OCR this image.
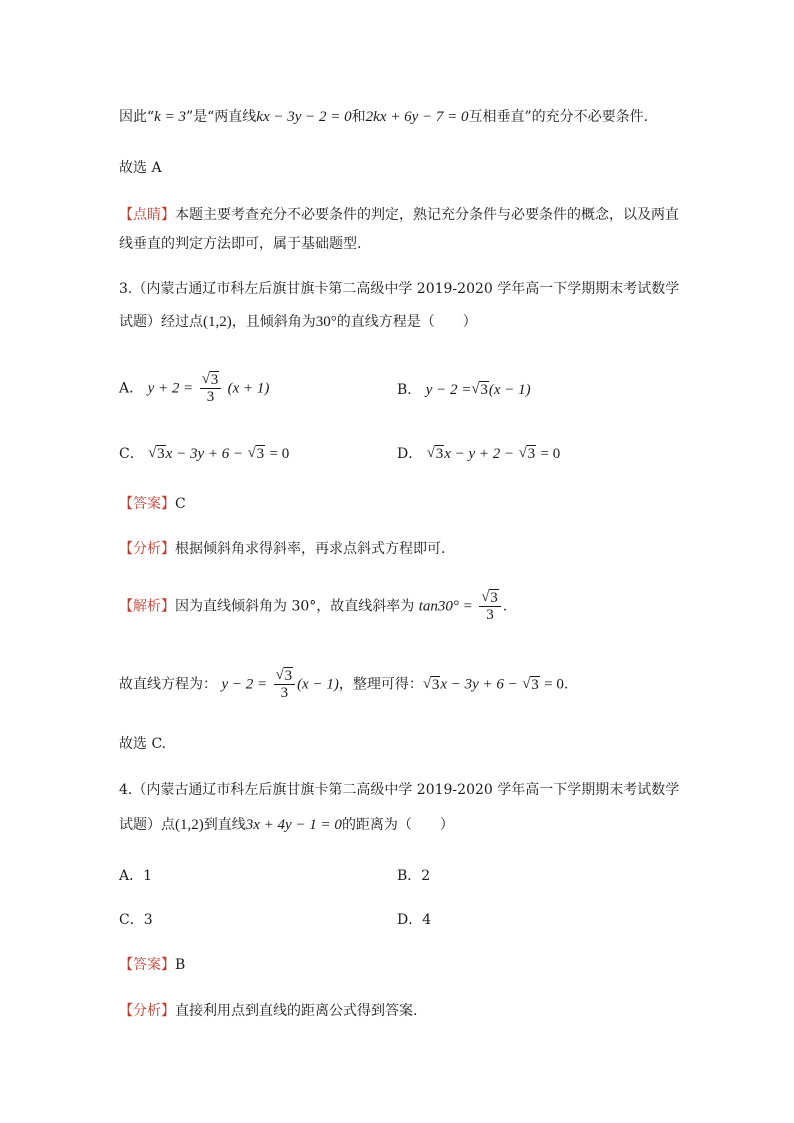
因此“k = 3”是“两直线kx − 3y − 2 = 0和2kx + 6y − 7 = 0互相垂直”的充分不必要条件.
故选 A
【点睛】本题主要考查充分不必要条件的判定，熟记充分条件与必要条件的概念，以及两直
线垂直的判定方法即可，属于基础题型.
3.（内蒙古通辽市科左后旗甘旗卡第二高级中学 2019-2020 学年高一下学期期末考试数学
试题）经过点(1,2)，且倾斜角为30°的直线方程是（　　）
A． y + 2 = √ $\frac{3}{3} (x + 1)$	B． y − 2 = √ 3(x − 1)
C． √ 3x − 3y + 6 − √ 3 = 0	D． √ 3x − y + 2 − √ 3 = 0
【答案】C
【分析】根据倾斜角求得斜率，再求点斜式方程即可.
【解析】因为直线倾斜角为 30°，故直线斜率为 tan30° = √ $\frac{3}{3}$ .
故直线方程为： y − 2 = √ $\frac{3}{3} (x - 1)$，整理可得： √ 3x − 3y + 6 − √ 3 = 0.
故选 C.
4.（内蒙古通辽市科左后旗甘旗卡第二高级中学 2019-2020 学年高一下学期期末考试数学
试题）点(1,2)到直线3x + 4y − 1 = 0的距离为（　　）
A．1	B．2
C．3	D．4
【答案】B
【分析】直接利用点到直线的距离公式得到答案.
